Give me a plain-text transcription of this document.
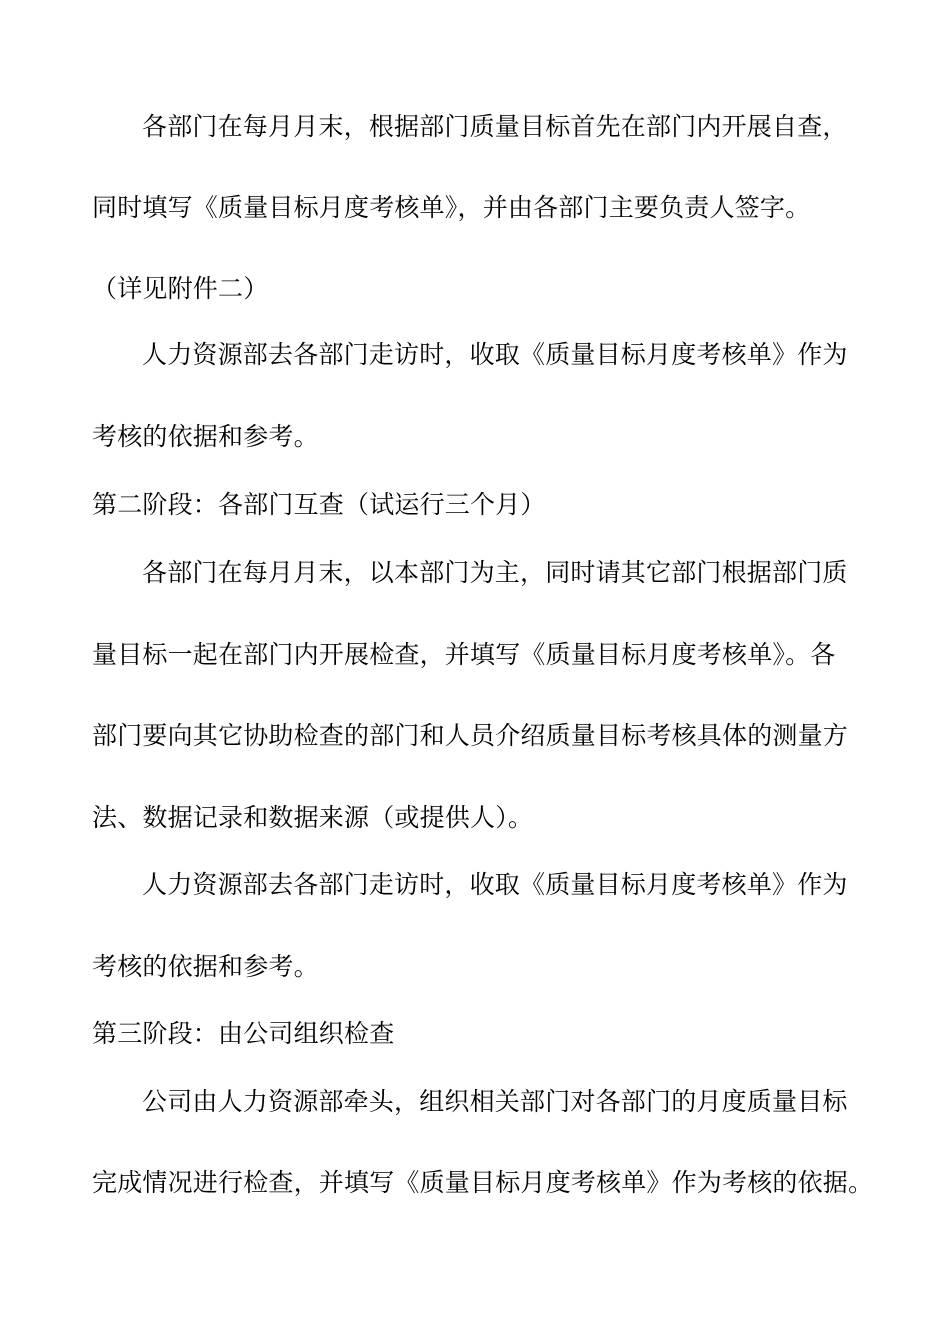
各部门在每月月末，根据部门质量目标首先在部门内开展自查，
同时填写《质量目标月度考核单》，并由各部门主要负责人签字。
（详见附件二）
人力资源部去各部门走访时，收取《质量目标月度考核单》作为
考核的依据和参考。
第二阶段：各部门互查（试运行三个月）
各部门在每月月末，以本部门为主，同时请其它部门根据部门质
量目标一起在部门内开展检查，并填写《质量目标月度考核单》。各
部门要向其它协助检查的部门和人员介绍质量目标考核具体的测量方
法、数据记录和数据来源（或提供人）。
人力资源部去各部门走访时，收取《质量目标月度考核单》作为
考核的依据和参考。
第三阶段：由公司组织检查
公司由人力资源部牵头，组织相关部门对各部门的月度质量目标
完成情况进行检查，并填写《质量目标月度考核单》作为考核的依据。
